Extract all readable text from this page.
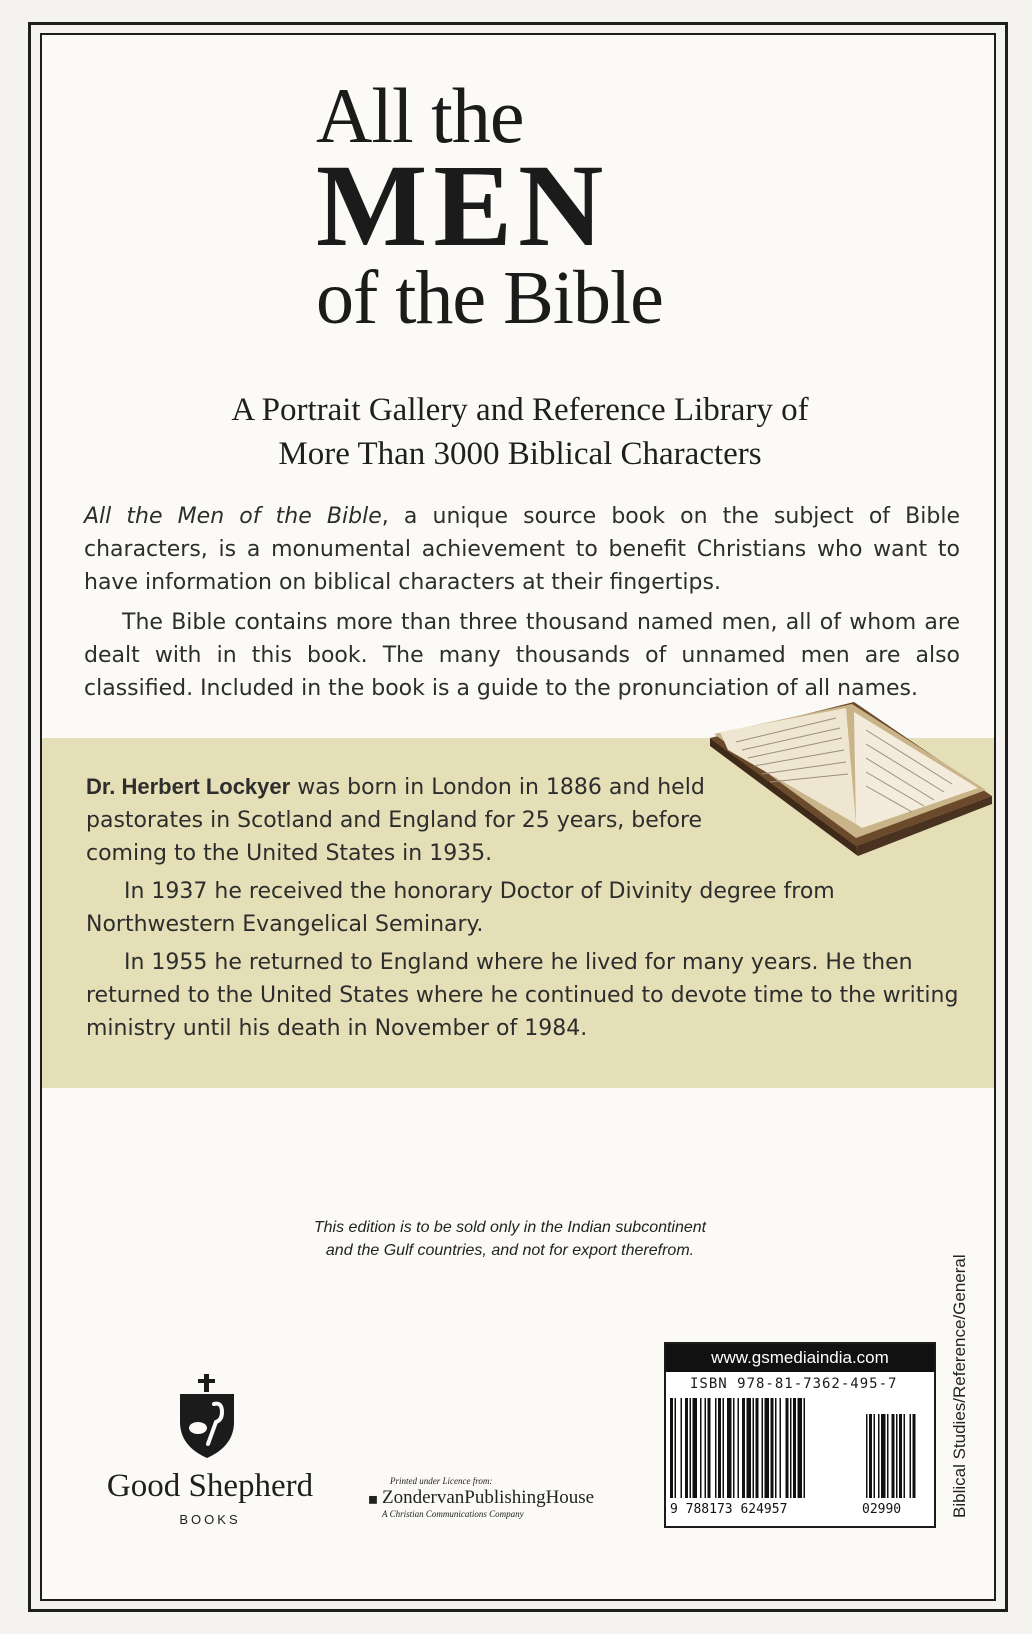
All the
MEN
of the Bible
A Portrait Gallery and Reference Library of
More Than 3000 Biblical Characters

All the Men of the Bible, a unique source book on the subject of Bible characters, is a monumental achievement to benefit Christians who want to have information on biblical characters at their fingertips.

The Bible contains more than three thousand named men, all of whom are dealt with in this book. The many thousands of unnamed men are also classified. Included in the book is a guide to the pronunciation of all names.

Dr. Herbert Lockyer was born in London in 1886 and held pastorates in Scotland and England for 25 years, before coming to the United States in 1935.

In 1937 he received the honorary Doctor of Divinity degree from Northwestern Evangelical Seminary.

In 1955 he returned to England where he lived for many years. He then returned to the United States where he continued to devote time to the writing ministry until his death in November of 1984.

This edition is to be sold only in the Indian subcontinent
and the Gulf countries, and not for export therefrom.
Biblical Studies/Reference/General
www.gsmediaindia.com
ISBN 978-81-7362-495-7
9 788173 624957	02990
Good Shepherd
BOOKS
Printed under Licence from:
◼ ZondervanPublishingHouse
A Christian Communications Company
